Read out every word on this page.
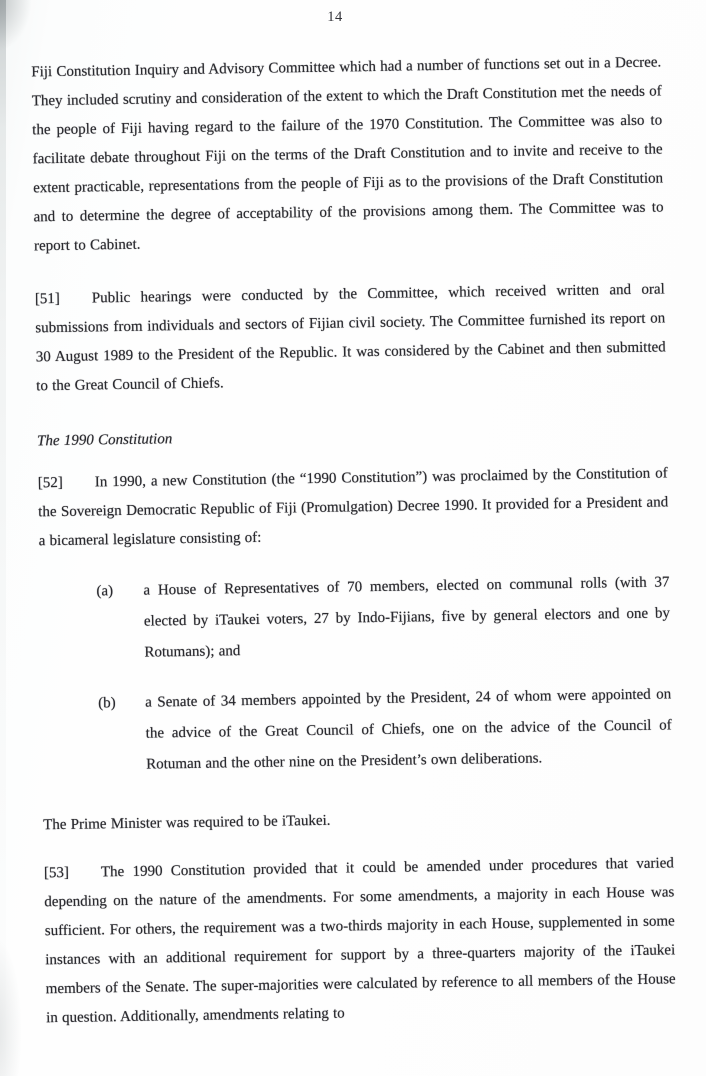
14

Fiji Constitution Inquiry and Advisory Committee which had a number of functions set out in a Decree. They included scrutiny and consideration of the extent to which the Draft Constitution met the needs of the people of Fiji having regard to the failure of the 1970 Constitution. The Committee was also to facilitate debate throughout Fiji on the terms of the Draft Constitution and to invite and receive to the extent practicable, representations from the people of Fiji as to the provisions of the Draft Constitution and to determine the degree of acceptability of the provisions among them. The Committee was to report to Cabinet.

[51] Public hearings were conducted by the Committee, which received written and oral submissions from individuals and sectors of Fijian civil society. The Committee furnished its report on 30 August 1989 to the President of the Republic. It was considered by the Cabinet and then submitted to the Great Council of Chiefs.

The 1990 Constitution

[52] In 1990, a new Constitution (the “1990 Constitution”) was proclaimed by the Constitution of the Sovereign Democratic Republic of Fiji (Promulgation) Decree 1990. It provided for a President and a bicameral legislature consisting of:

(a)	a House of Representatives of 70 members, elected on communal rolls (with 37 elected by iTaukei voters, 27 by Indo-Fijians, five by general electors and one by Rotumans); and
(b)	a Senate of 34 members appointed by the President, 24 of whom were appointed on the advice of the Great Council of Chiefs, one on the advice of the Council of Rotuman and the other nine on the President’s own deliberations.

The Prime Minister was required to be iTaukei.

[53] The 1990 Constitution provided that it could be amended under procedures that varied depending on the nature of the amendments. For some amendments, a majority in each House was sufficient. For others, the requirement was a two-thirds majority in each House, supplemented in some instances with an additional requirement for support by a three-quarters majority of the iTaukei members of the Senate. The super-majorities were calculated by reference to all members of the House in question. Additionally, amendments relating to
